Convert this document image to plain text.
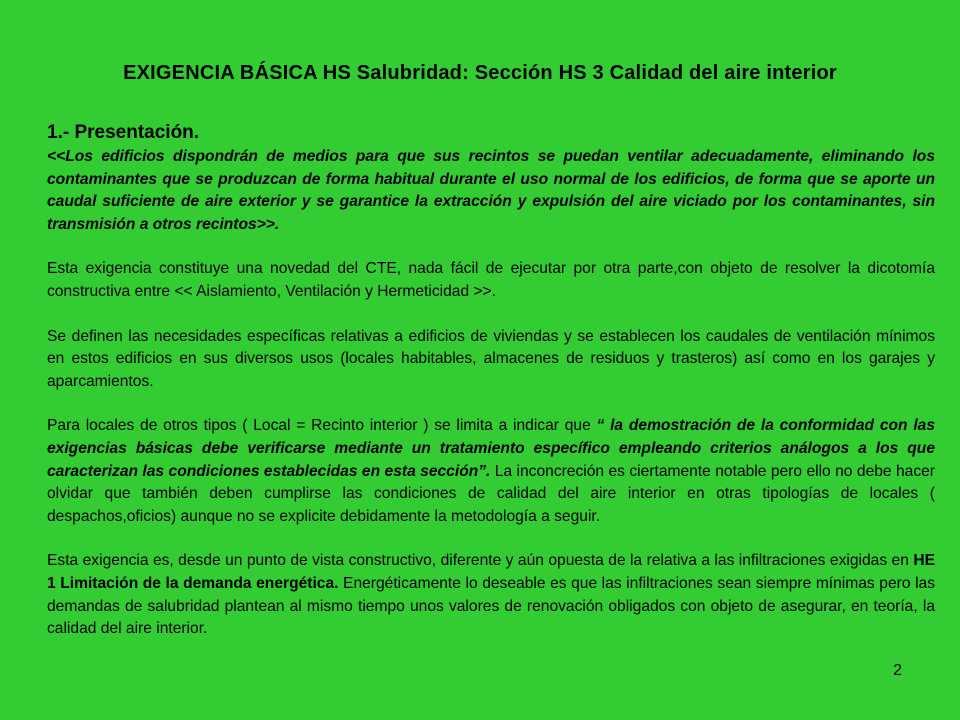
EXIGENCIA BÁSICA HS Salubridad: Sección HS 3 Calidad del aire interior
1.- Presentación.

<<Los edificios dispondrán de medios para que sus recintos se puedan ventilar adecuadamente, eliminando los contaminantes que se produzcan de forma habitual durante el uso normal de los edificios, de forma que se aporte un caudal suficiente de aire exterior y se garantice la extracción y expulsión del aire viciado por los contaminantes, sin transmisión a otros recintos>>.

Esta exigencia constituye una novedad del CTE, nada fácil de ejecutar por otra parte,con objeto de resolver la dicotomía constructiva entre << Aislamiento, Ventilación y Hermeticidad >>.

Se definen las necesidades específicas relativas a edificios de viviendas y se establecen los caudales de ventilación mínimos en estos edificios en sus diversos usos (locales habitables, almacenes de residuos y trasteros) así como en los garajes y aparcamientos.

Para locales de otros tipos ( Local = Recinto interior ) se limita a indicar que “ la demostración de la conformidad con las exigencias básicas debe verificarse mediante un tratamiento específico empleando criterios análogos a los que caracterizan las condiciones establecidas en esta sección”. La inconcreción es ciertamente notable pero ello no debe hacer olvidar que también deben cumplirse las condiciones de calidad del aire interior en otras tipologías de locales ( despachos,oficios) aunque no se explicite debidamente la metodología a seguir.

Esta exigencia es, desde un punto de vista constructivo, diferente y aún opuesta de la relativa a las infiltraciones exigidas en HE 1 Limitación de la demanda energética. Energéticamente lo deseable es que las infiltraciones sean siempre mínimas pero las demandas de salubridad plantean al mismo tiempo unos valores de renovación obligados con objeto de asegurar, en teoría, la calidad del aire interior.

2
